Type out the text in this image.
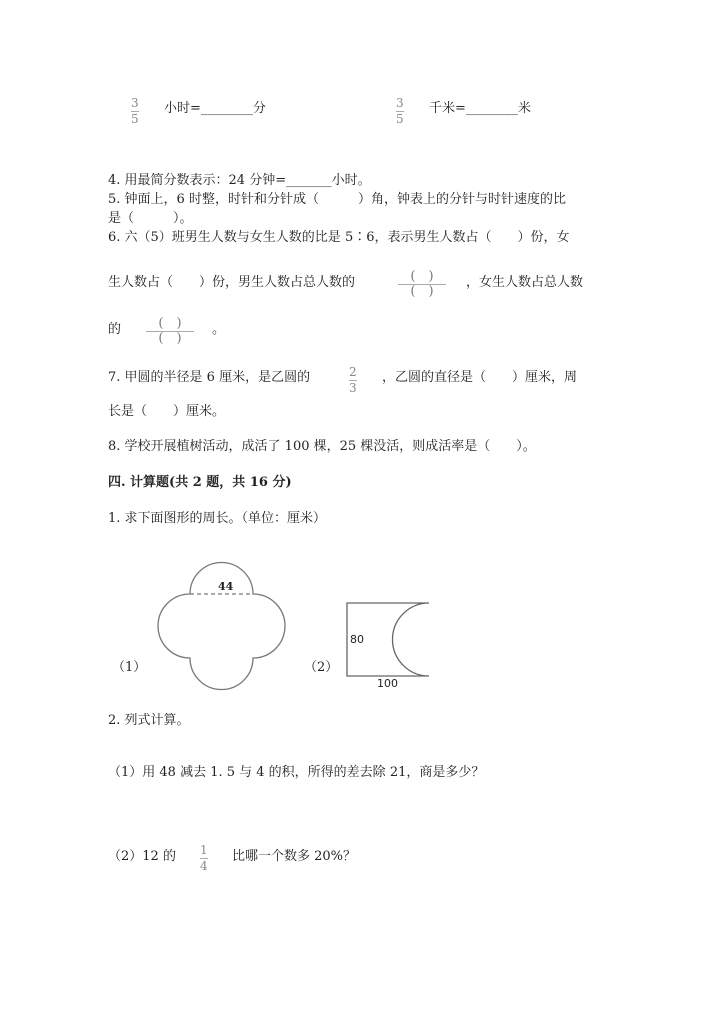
3
5
小时=________分	3
5
千米=________米
4. 用最简分数表示：24 分钟=_______小时。
5. 钟面上，6 时整，时针和分针成（　　　）角，钟表上的分针与时针速度的比
是（　　　）。
6. 六（5）班男生人数与女生人数的比是 5∶6，表示男生人数占（　　）份，女
生人数占（　　）份，男生人数占总人数的	(　)
(　)
，女生人数占总人数
的	(　)
(　)
。
7. 甲圆的半径是 6 厘米，是乙圆的	2
3
，乙圆的直径是（　　）厘米，周
长是（　　）厘米。
8. 学校开展植树活动，成活了 100 棵，25 棵没活，则成活率是（　　）。
四. 计算题(共 2 题，共 16 分)
1. 求下面图形的周长。（单位：厘米）
44
（1）	（2）
80
100
2. 列式计算。
（1）用 48 减去 1. 5 与 4 的积，所得的差去除 21，商是多少？
（2）12 的 1
4
比哪一个数多 20%？
